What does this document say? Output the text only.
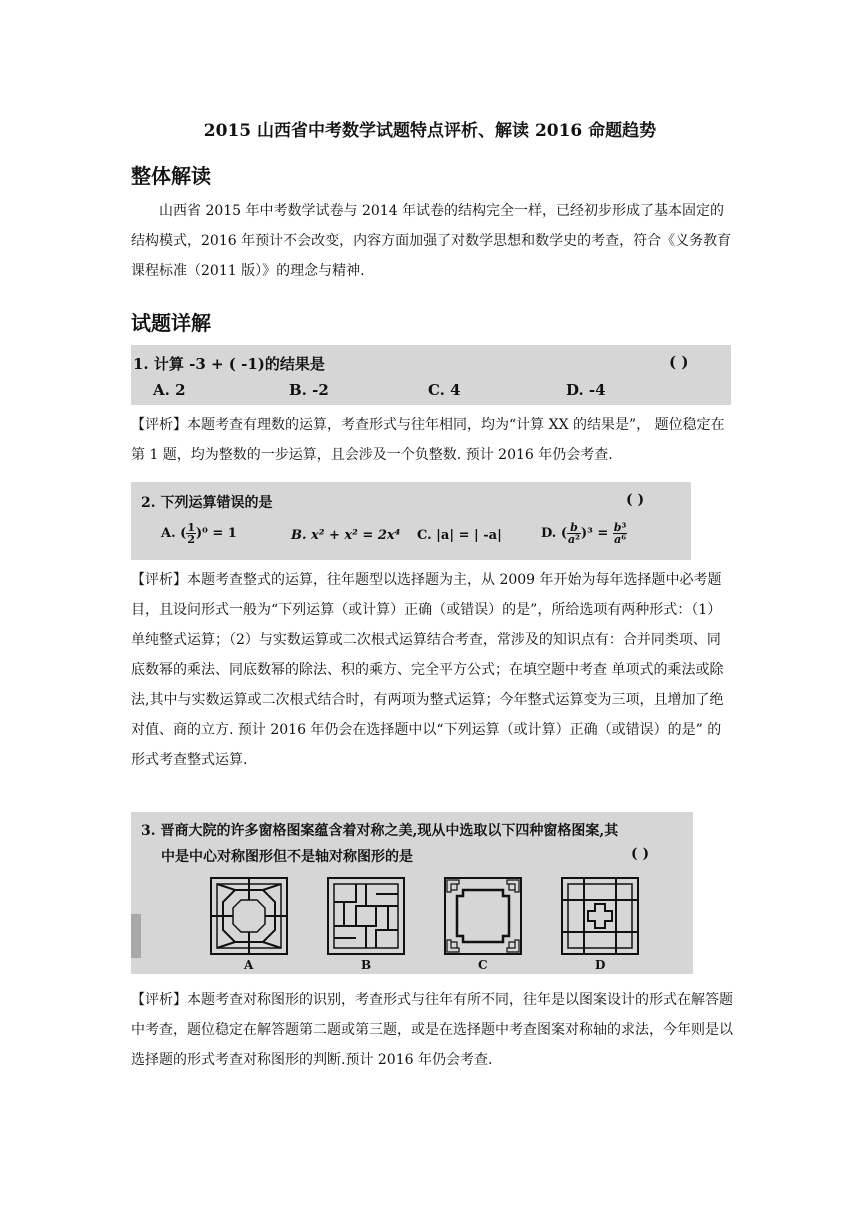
2015 山西省中考数学试题特点评析、解读 2016 命题趋势
整体解读
山西省 2015 年中考数学试卷与 2014 年试卷的结构完全一样，已经初步形成了基本固定的结构模式，2016 年预计不会改变，内容方面加强了对数学思想和数学史的考查，符合《义务教育课程标准（2011 版）》的理念与精神.
试题详解
1. 计算 -3 + ( -1)的结果是	( )
A. 2	B. -2	C. 4	D. -4
【评析】本题考查有理数的运算，考查形式与往年相同，均为“计算 XX 的结果是”， 题位稳定在第 1 题，均为整数的一步运算，且会涉及一个负整数. 预计 2016 年仍会考查.
2. 下列运算错误的是	( )
A. ( $\frac{1}{2} )^0 = 1$	B. x² + x² = 2x⁴ C. |a| = | -a|	D. ( $\frac{b}{\text{a²}} )^3 = \frac{\text{b³}}{\text{a⁶}}$
【评析】本题考查整式的运算，往年题型以选择题为主，从 2009 年开始为每年选择题中必考题目，且设问形式一般为“下列运算（或计算）正确（或错误）的是”，所给选项有两种形式：（1）单纯整式运算；（2）与实数运算或二次根式运算结合考查，常涉及的知识点有：合并同类项、同底数幂的乘法、同底数幂的除法、积的乘方、完全平方公式；在填空题中考查 单项式的乘法或除法,其中与实数运算或二次根式结合时，有两项为整式运算；今年整式运算变为三项，且增加了绝对值、商的立方. 预计 2016 年仍会在选择题中以“下列运算（或计算）正确（或错误）的是” 的形式考查整式运算.
3. 晋商大院的许多窗格图案蕴含着对称之美,现从中选取以下四种窗格图案,其
中是中心对称图形但不是轴对称图形的是	( )
A	B	C	D
【评析】本题考查对称图形的识别，考查形式与往年有所不同，往年是以图案设计的形式在解答题中考查，题位稳定在解答题第二题或第三题，或是在选择题中考查图案对称轴的求法，今年则是以选择题的形式考查对称图形的判断.预计 2016 年仍会考查.
